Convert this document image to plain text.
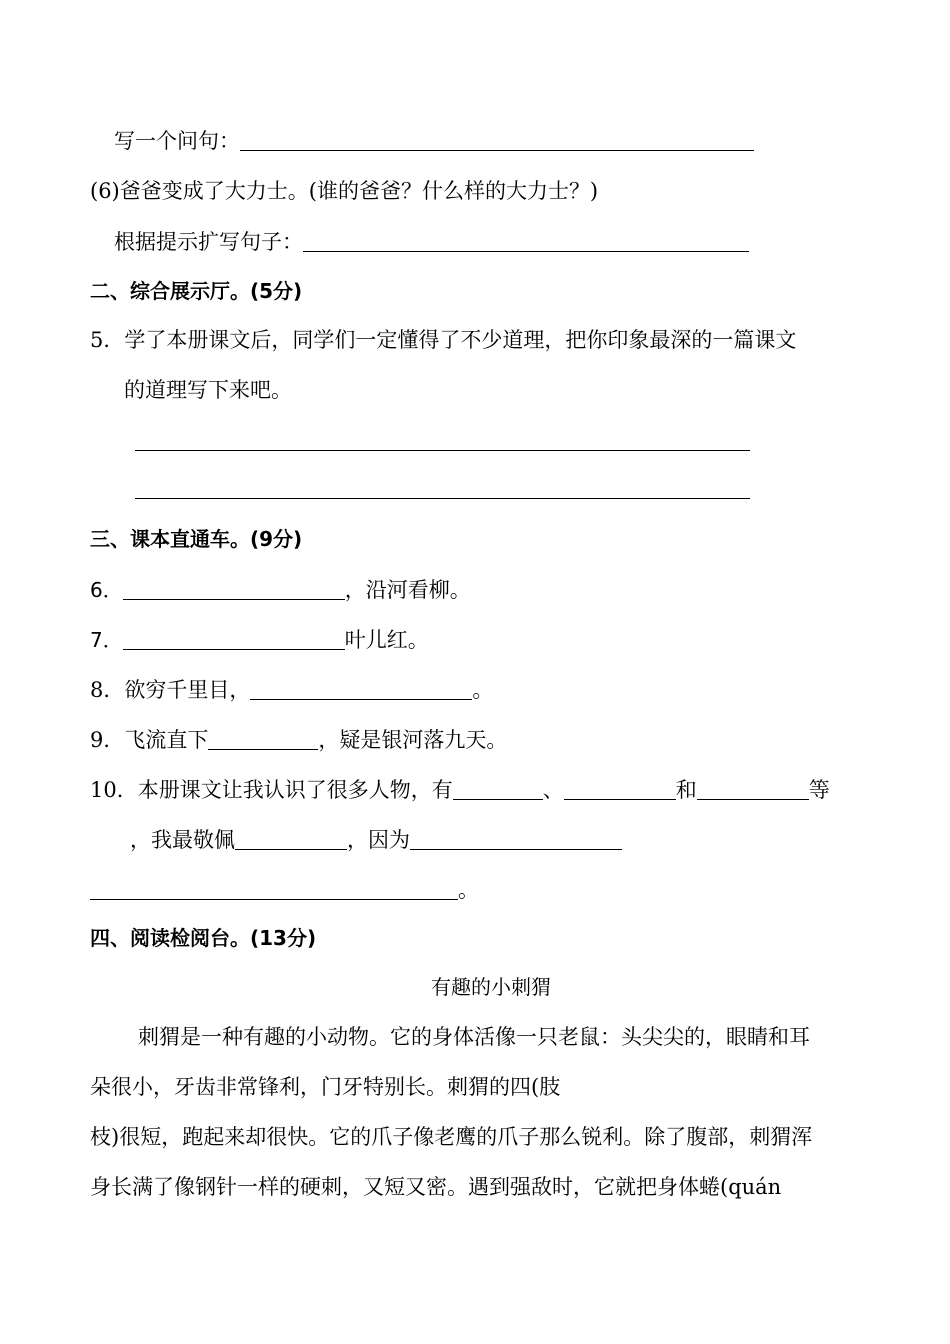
写一个问句：
(6)爸爸变成了大力士。(谁的爸爸？什么样的大力士？)
根据提示扩写句子：
二、综合展示厅。(5分)
5．学了本册课文后，同学们一定懂得了不少道理，把你印象最深的一篇课文
的道理写下来吧。
三、课本直通车。(9分)
6．	，沿河看柳。
7．	叶儿红。
8．欲穷千里目，	。
9．飞流直下	，疑是银河落九天。
10．本册课文让我认识了很多人物，有	、	和	等
，我最敬佩	，因为
。
四、阅读检阅台。(13分)
有趣的小刺猬
刺猬是一种有趣的小动物。它的身体活像一只老鼠：头尖尖的，眼睛和耳
朵很小，牙齿非常锋利，门牙特别长。刺猬的四(肢
枝)很短，跑起来却很快。它的爪子像老鹰的爪子那么锐利。除了腹部，刺猬浑
身长满了像钢针一样的硬刺，又短又密。遇到强敌时，它就把身体蜷(quán
